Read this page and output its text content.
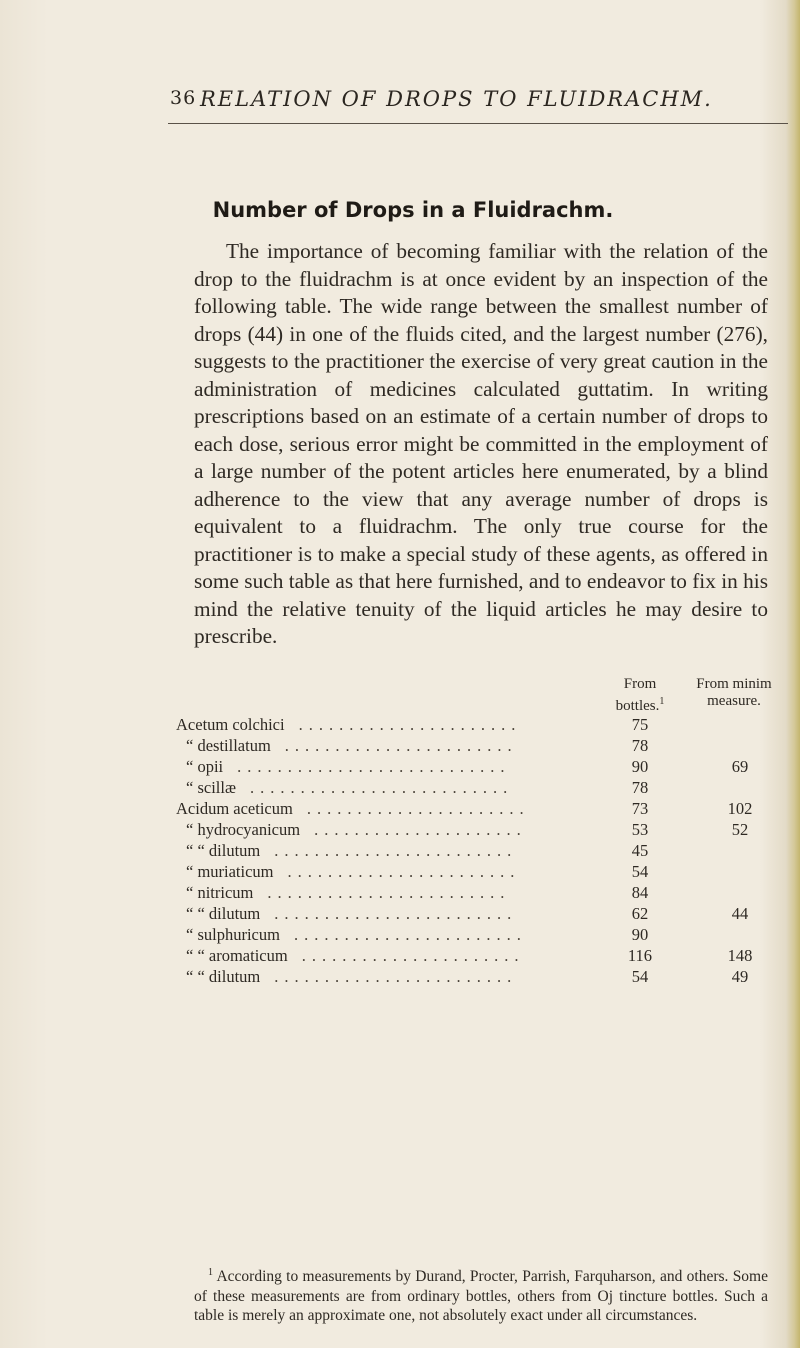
36 RELATION OF DROPS TO FLUIDRACHM.
Number of Drops in a Fluidrachm.

The importance of becoming familiar with the relation of the drop to the fluidrachm is at once evident by an inspection of the following table. The wide range between the smallest number of drops (44) in one of the fluids cited, and the largest number (276), suggests to the practitioner the exercise of very great caution in the administration of medicines calculated guttatim. In writing prescriptions based on an estimate of a certain number of drops to each dose, serious error might be committed in the employment of a large number of the potent articles here enumerated, by a blind adherence to the view that any average number of drops is equivalent to a fluidrachm. The only true course for the practitioner is to make a special study of these agents, as offered in some such table as that here furnished, and to endeavor to fix in his mind the relative tenuity of the liquid articles he may desire to prescribe.

From bottles.$^1$
From minim measure.
Acetum colchici ......................	75
“ destillatum .......................	78
“ opii ...........................	90	69
“ scillæ ..........................	78
Acidum aceticum ......................	73	102
“ hydrocyanicum .....................	53	52
“ “ dilutum ........................	45
“ muriaticum .......................	54
“ nitricum ........................	84
“ “ dilutum ........................	62	44
“ sulphuricum .......................	90
“ “ aromaticum ......................	116	148
“ “ dilutum ........................	54	49
$^1$ According to measurements by Durand, Procter, Parrish, Farquharson, and others. Some of these measurements are from ordinary bottles, others from Oj tincture bottles. Such a table is merely an approximate one, not absolutely exact under all circumstances.
